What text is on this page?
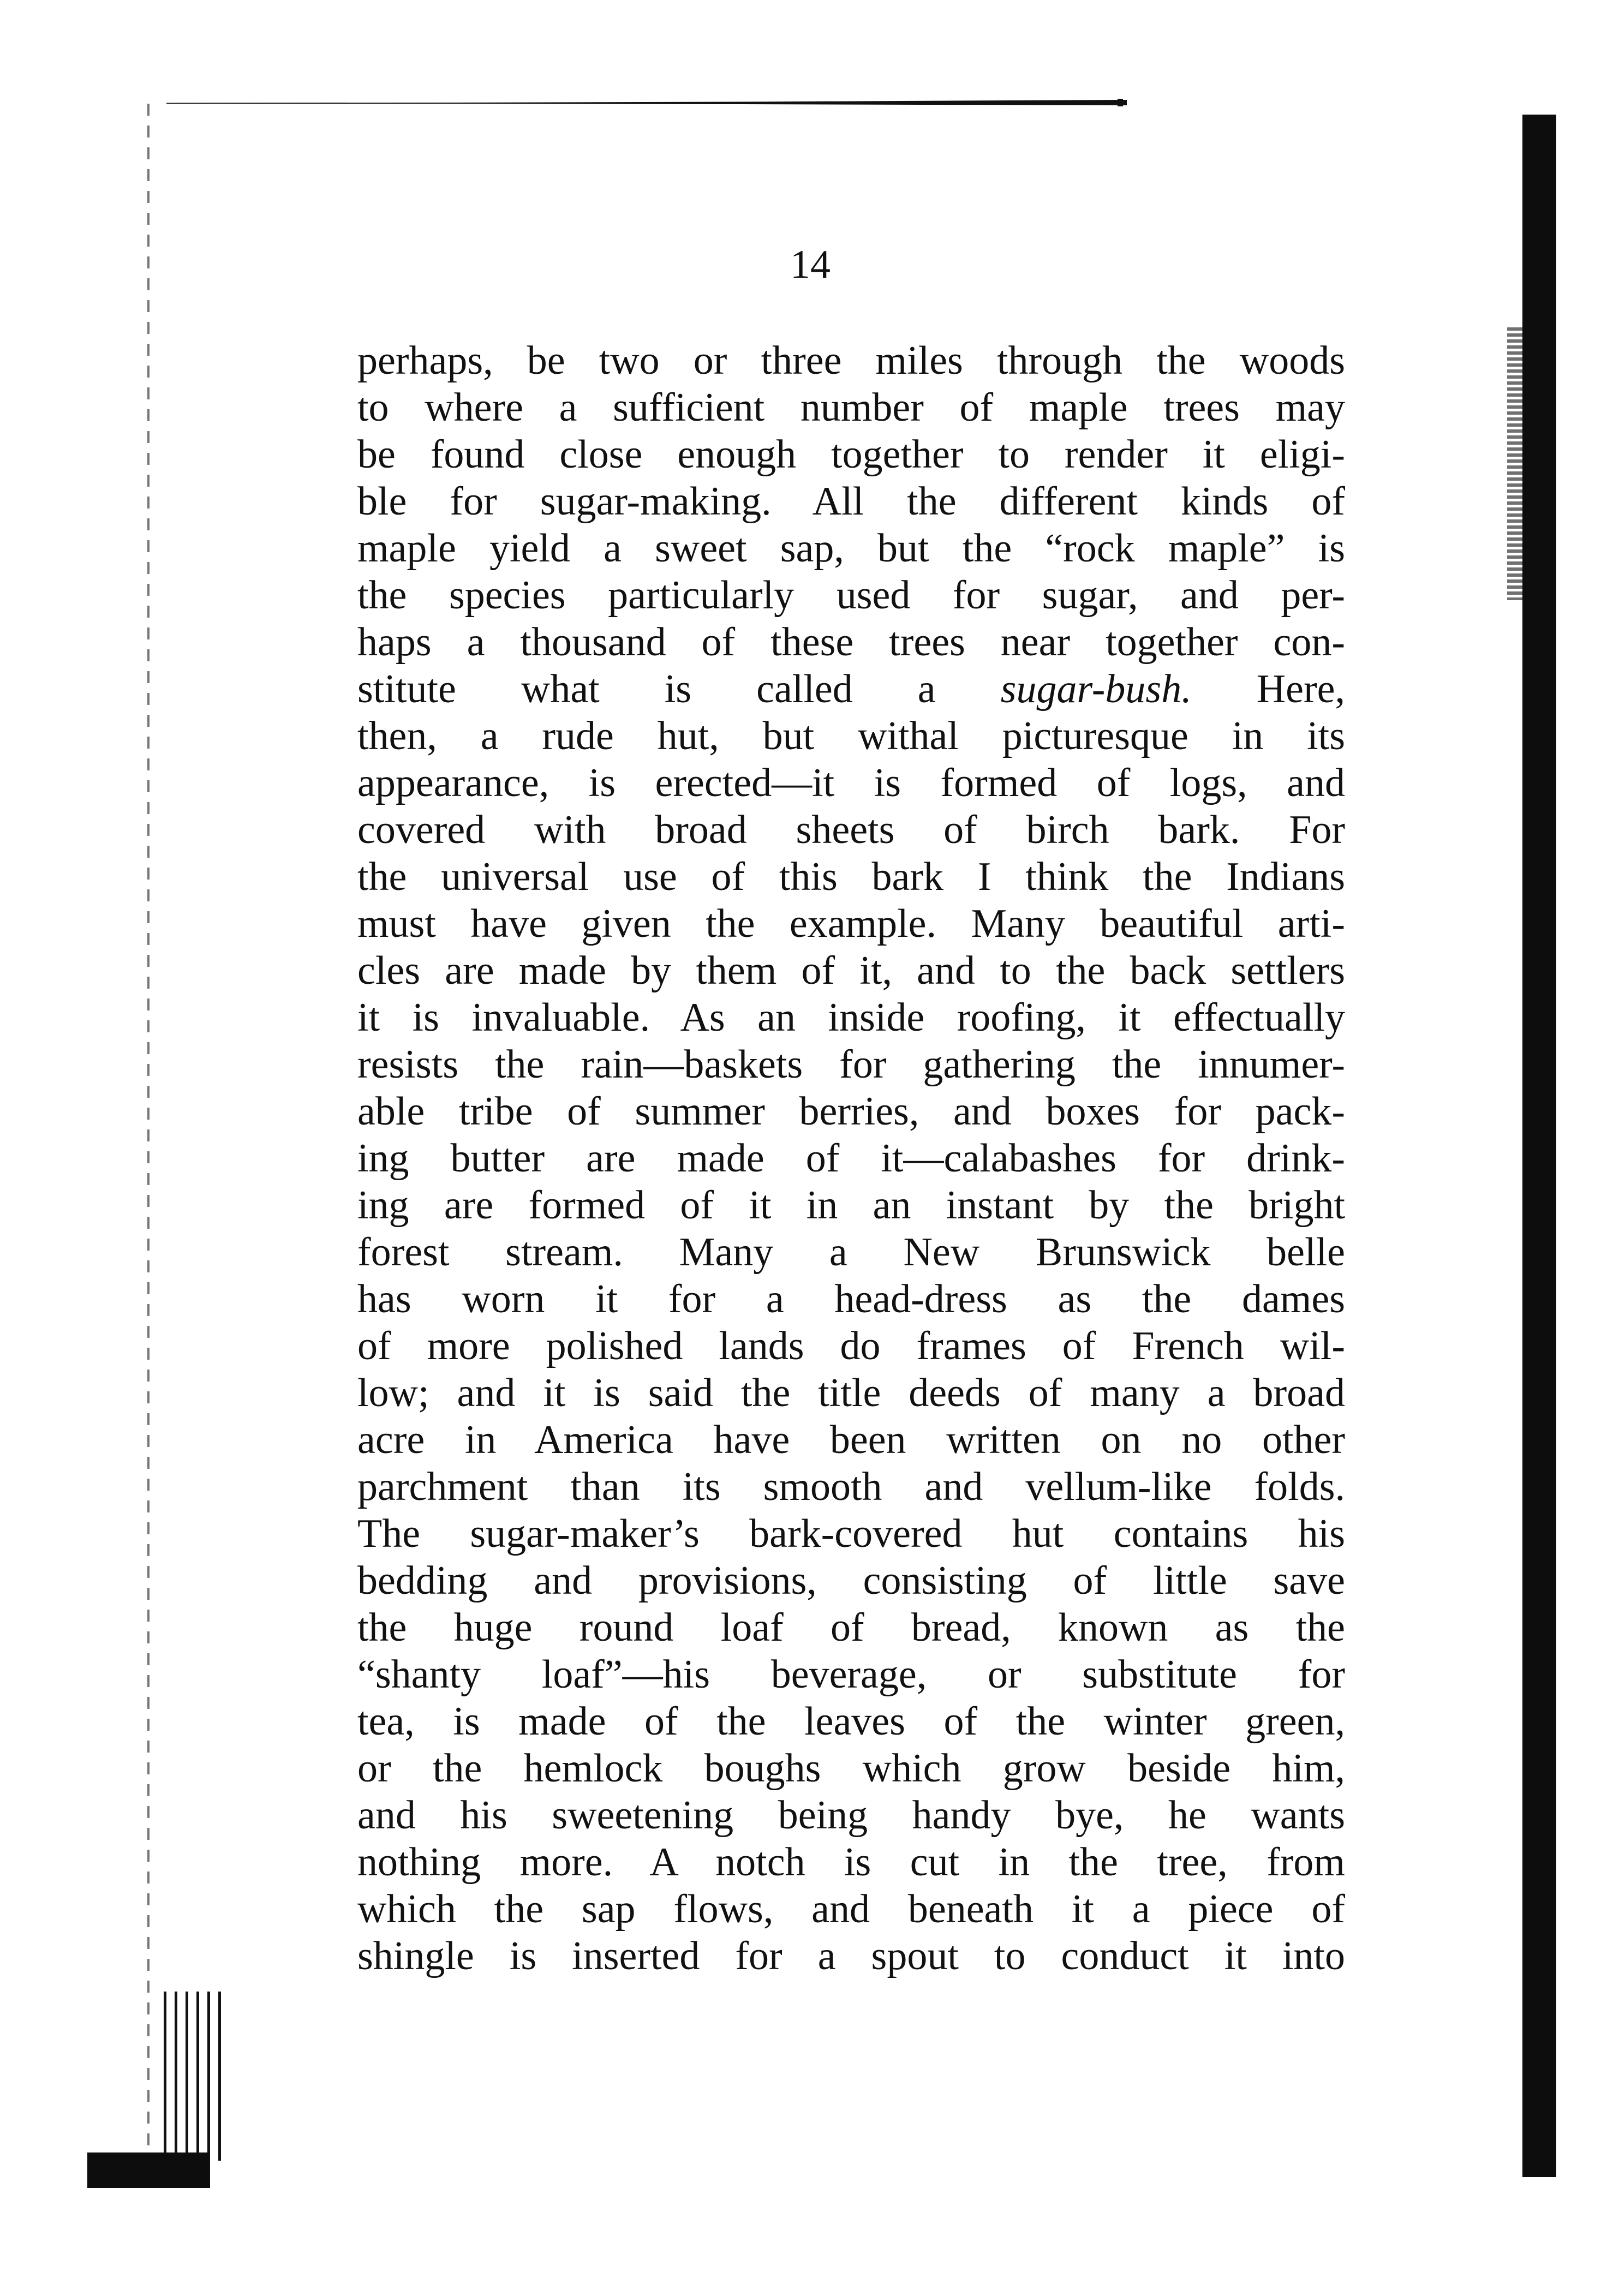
14
perhaps, be two or three miles through the woods
to where a sufficient number of maple trees may
be found close enough together to render it eligi-
ble for sugar-making. All the different kinds of
maple yield a sweet sap, but the “rock maple” is
the species particularly used for sugar, and per-
haps a thousand of these trees near together con-
stitute what is called a sugar-bush. Here,
then, a rude hut, but withal picturesque in its
appearance, is erected—it is formed of logs, and
covered with broad sheets of birch bark. For
the universal use of this bark I think the Indians
must have given the example. Many beautiful arti-
cles are made by them of it, and to the back settlers
it is invaluable. As an inside roofing, it effectually
resists the rain—baskets for gathering the innumer-
able tribe of summer berries, and boxes for pack-
ing butter are made of it—calabashes for drink-
ing are formed of it in an instant by the bright
forest stream. Many a New Brunswick belle
has worn it for a head-dress as the dames
of more polished lands do frames of French wil-
low; and it is said the title deeds of many a broad
acre in America have been written on no other
parchment than its smooth and vellum-like folds.
The sugar-maker’s bark-covered hut contains his
bedding and provisions, consisting of little save
the huge round loaf of bread, known as the
“shanty loaf”—his beverage, or substitute for
tea, is made of the leaves of the winter green,
or the hemlock boughs which grow beside him,
and his sweetening being handy bye, he wants
nothing more. A notch is cut in the tree, from
which the sap flows, and beneath it a piece of
shingle is inserted for a spout to conduct it into
